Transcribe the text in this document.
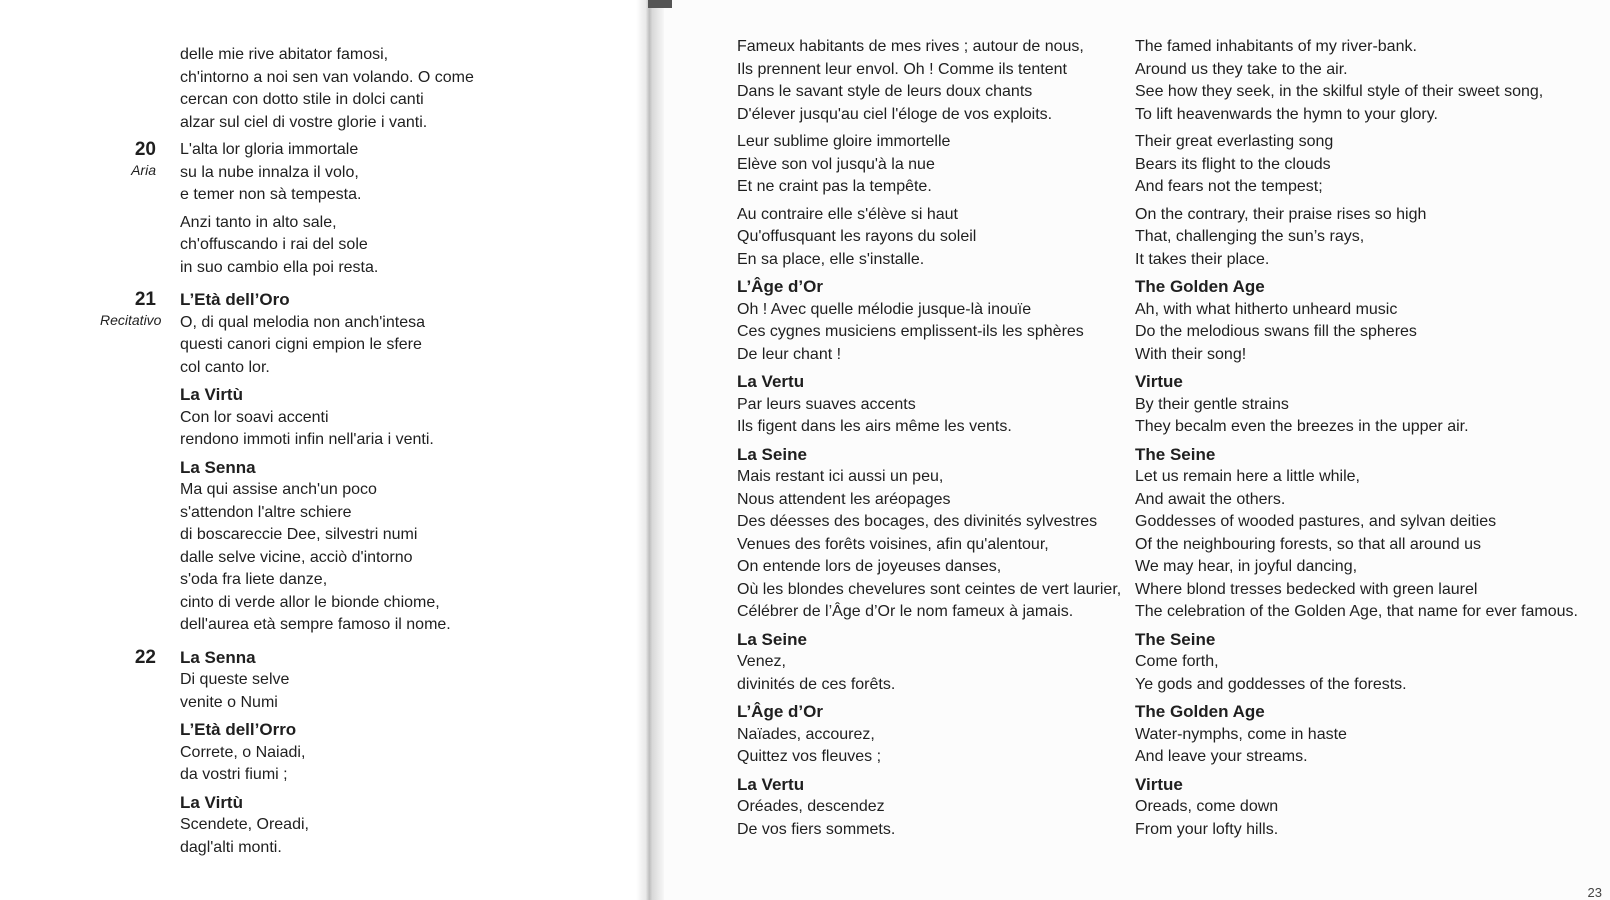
delle mie rive abitator famosi,
ch'intorno a noi sen van volando. O come
cercan con dotto stile in dolci canti
alzar sul ciel di vostre glorie i vanti.
20
Aria
L'alta lor gloria immortale
su la nube innalza il volo,
e temer non sà tempesta.
Anzi tanto in alto sale,
ch'offuscando i rai del sole
in suo cambio ella poi resta.
21
Recitativo
L’Età dell’Oro
O, di qual melodia non anch'intesa
questi canori cigni empion le sfere
col canto lor.
La Virtù
Con lor soavi accenti
rendono immoti infin nell'aria i venti.
La Senna
Ma qui assise anch'un poco
s'attendon l'altre schiere
di boscareccie Dee, silvestri numi
dalle selve vicine, acciò d'intorno
s'oda fra liete danze,
cinto di verde allor le bionde chiome,
dell'aurea età sempre famoso il nome.
22 La Senna
Di queste selve
venite o Numi
L’Età dell’Orro
Correte, o Naiadi,
da vostri fiumi ;
La Virtù
Scendete, Oreadi,
dagl'alti monti.
Fameux habitants de mes rives ; autour de nous,
Ils prennent leur envol. Oh ! Comme ils tentent
Dans le savant style de leurs doux chants
D'élever jusqu'au ciel l'éloge de vos exploits.
Leur sublime gloire immortelle
Elève son vol jusqu'à la nue
Et ne craint pas la tempête.
Au contraire elle s'élève si haut
Qu'offusquant les rayons du soleil
En sa place, elle s'installe.
L’Âge d’Or
Oh ! Avec quelle mélodie jusque-là inouïe
Ces cygnes musiciens emplissent-ils les sphères
De leur chant !
La Vertu
Par leurs suaves accents
Ils figent dans les airs même les vents.
La Seine
Mais restant ici aussi un peu,
Nous attendent les aréopages
Des déesses des bocages, des divinités sylvestres
Venues des forêts voisines, afin qu'alentour,
On entende lors de joyeuses danses,
Où les blondes chevelures sont ceintes de vert laurier,
Célébrer de l’Âge d’Or le nom fameux à jamais.
La Seine
Venez,
divinités de ces forêts.
L’Âge d’Or
Naïades, accourez,
Quittez vos fleuves ;
La Vertu
Oréades, descendez
De vos fiers sommets.
The famed inhabitants of my river-bank.
Around us they take to the air.
See how they seek, in the skilful style of their sweet song,
To lift heavenwards the hymn to your glory.
Their great everlasting song
Bears its flight to the clouds
And fears not the tempest;
On the contrary, their praise rises so high
That, challenging the sun’s rays,
It takes their place.
The Golden Age
Ah, with what hitherto unheard music
Do the melodious swans fill the spheres
With their song!
Virtue
By their gentle strains
They becalm even the breezes in the upper air.
The Seine
Let us remain here a little while,
And await the others.
Goddesses of wooded pastures, and sylvan deities
Of the neighbouring forests, so that all around us
We may hear, in joyful dancing,
Where blond tresses bedecked with green laurel
The celebration of the Golden Age, that name for ever famous.
The Seine
Come forth,
Ye gods and goddesses of the forests.
The Golden Age
Water-nymphs, come in haste
And leave your streams.
Virtue
Oreads, come down
From your lofty hills.
23
